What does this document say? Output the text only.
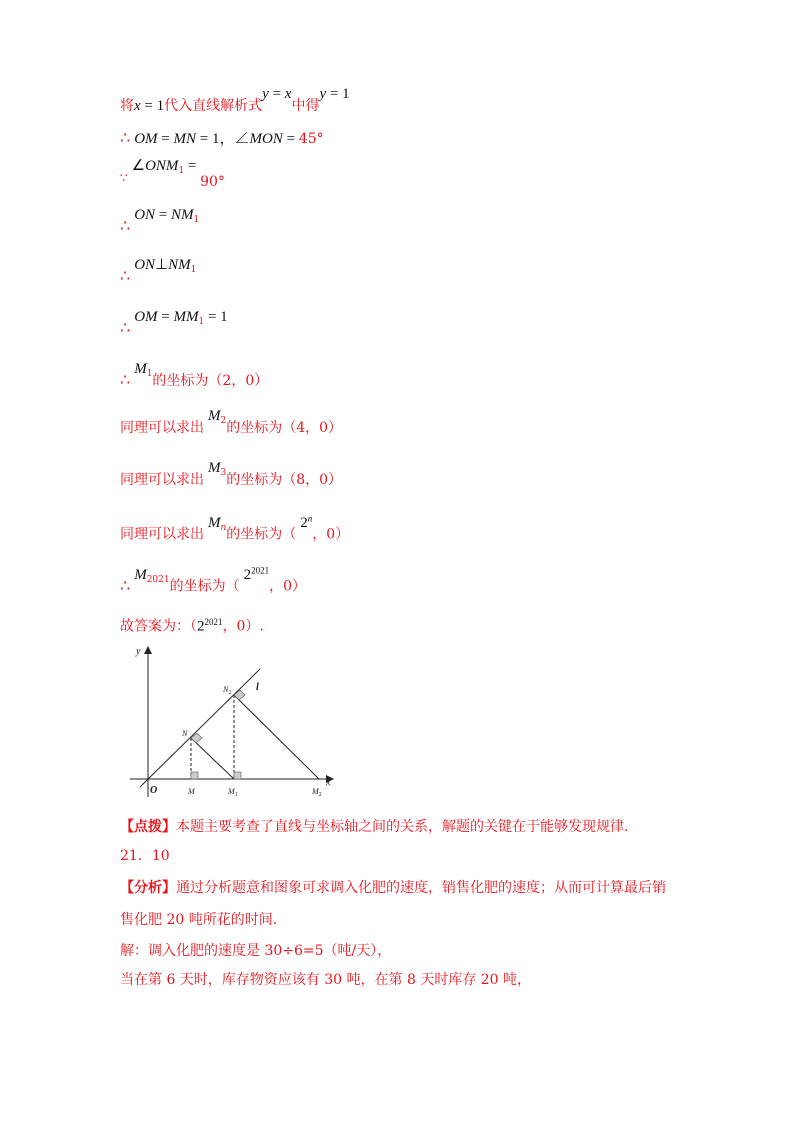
将x = 1代入直线解析式y = x中得y = 1
∴ OM = MN = 1，∠MON = 45°
$\because\angle ONM_1 = 90^\circ$
∴ON = $NM_1$
$\therefore ON\perp NM_1$
∴OM = $MM_1 = 1$
$\therefore M_1$的坐标为（2，0）
同理可以求出$M_2$的坐标为（4，0）
同理可以求出$M_3$的坐标为（8，0）
同理可以求出$M_n$的坐标为（2$^n$，0）
$\therefore M_{2021}$的坐标为（$2^{2021}$，0）
故答案为：（$2^{2021}$，0）.
y
x
O
l
N
$N_2$
M	$M_1$	$M_2$
【点拨】本题主要考查了直线与坐标轴之间的关系，解题的关键在于能够发现规律.
21．10
【分析】通过分析题意和图象可求调入化肥的速度，销售化肥的速度；从而可计算最后销
售化肥 20 吨所花的时间.
解：调入化肥的速度是 30÷6=5（吨/天），
当在第 6 天时，库存物资应该有 30 吨，在第 8 天时库存 20 吨，
